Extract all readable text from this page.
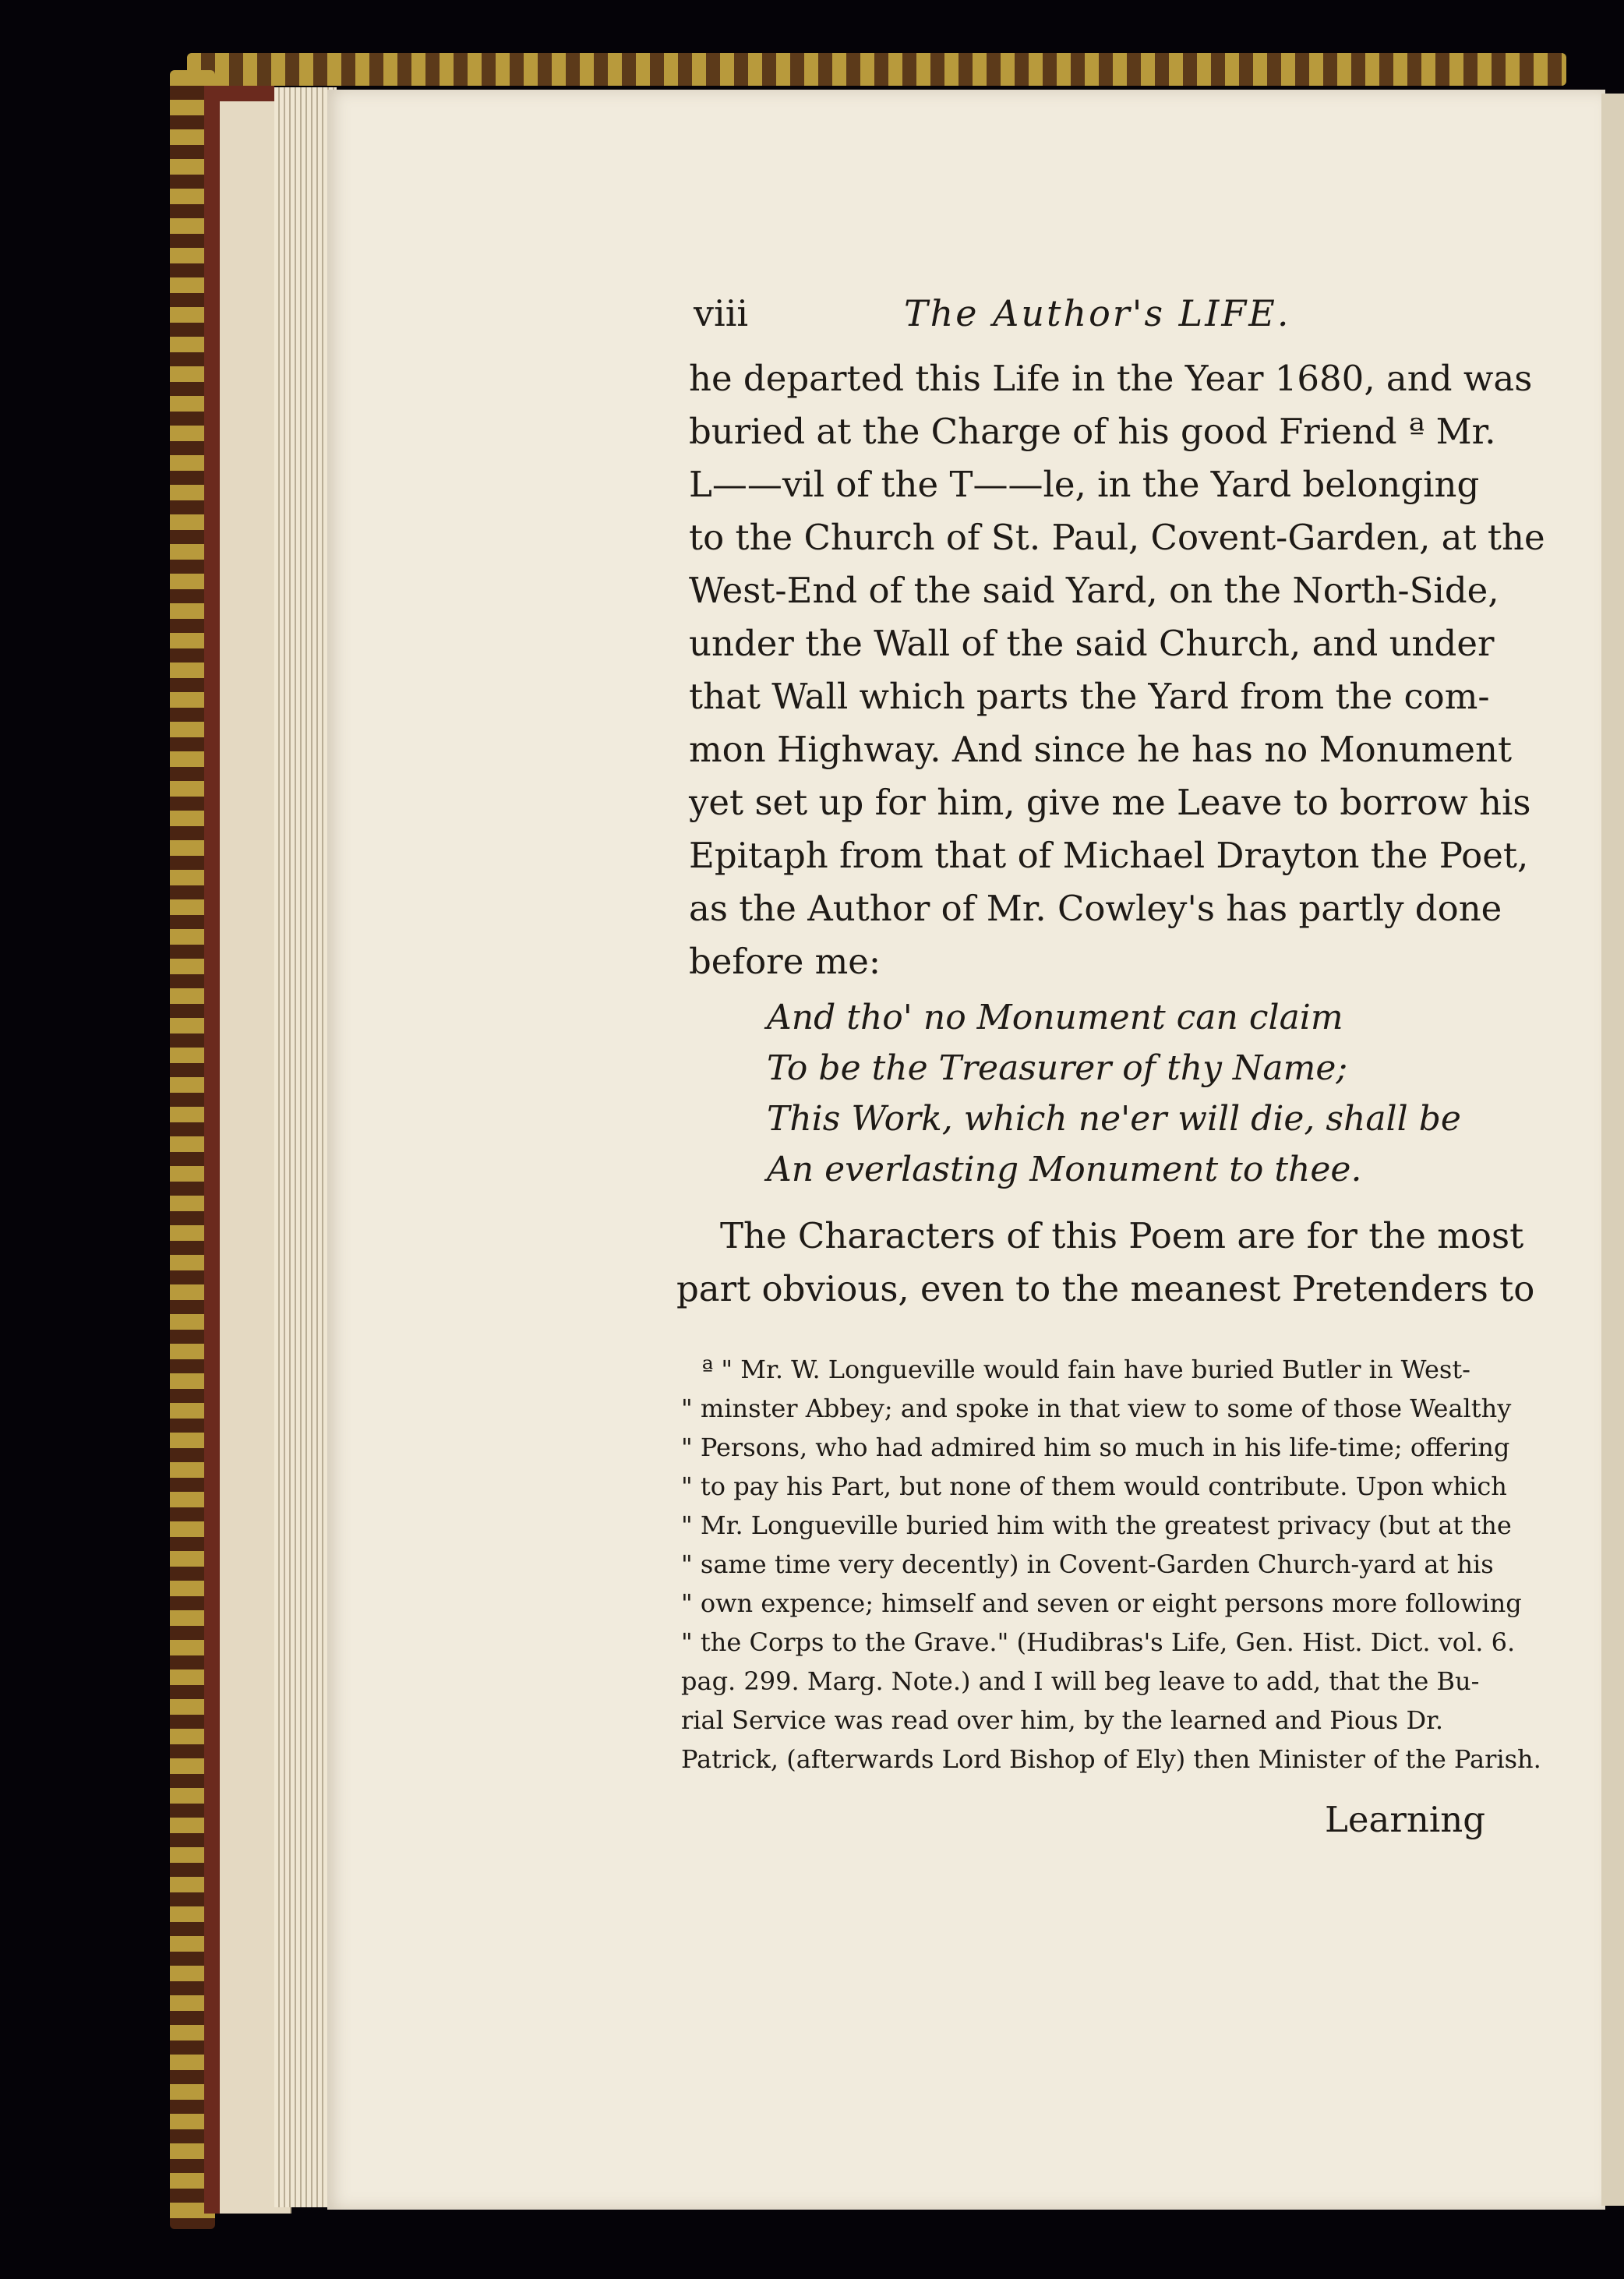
viii	The Author's LIFE.
he departed this Life in the Year 1680, and was
buried at the Charge of his good Friend ª Mr.
L——vil of the T——le, in the Yard belonging
to the Church of St. Paul, Covent-Garden, at the
West-End of the said Yard, on the North-Side,
under the Wall of the said Church, and under
that Wall which parts the Yard from the com-
mon Highway. And since he has no Monument
yet set up for him, give me Leave to borrow his
Epitaph from that of Michael Drayton the Poet,
as the Author of Mr. Cowley's has partly done
before me:
And tho' no Monument can claim
To be the Treasurer of thy Name;
This Work, which ne'er will die, shall be
An everlasting Monument to thee.
The Characters of this Poem are for the most
part obvious, even to the meanest Pretenders to
ª " Mr. W. Longueville would fain have buried Butler in West-
" minster Abbey; and spoke in that view to some of those Wealthy
" Persons, who had admired him so much in his life-time; offering
" to pay his Part, but none of them would contribute. Upon which
" Mr. Longueville buried him with the greatest privacy (but at the
" same time very decently) in Covent-Garden Church-yard at his
" own expence; himself and seven or eight persons more following
" the Corps to the Grave." (Hudibras's Life, Gen. Hist. Dict. vol. 6.
pag. 299. Marg. Note.) and I will beg leave to add, that the Bu-
rial Service was read over him, by the learned and Pious Dr.
Patrick, (afterwards Lord Bishop of Ely) then Minister of the Parish.
Learning
